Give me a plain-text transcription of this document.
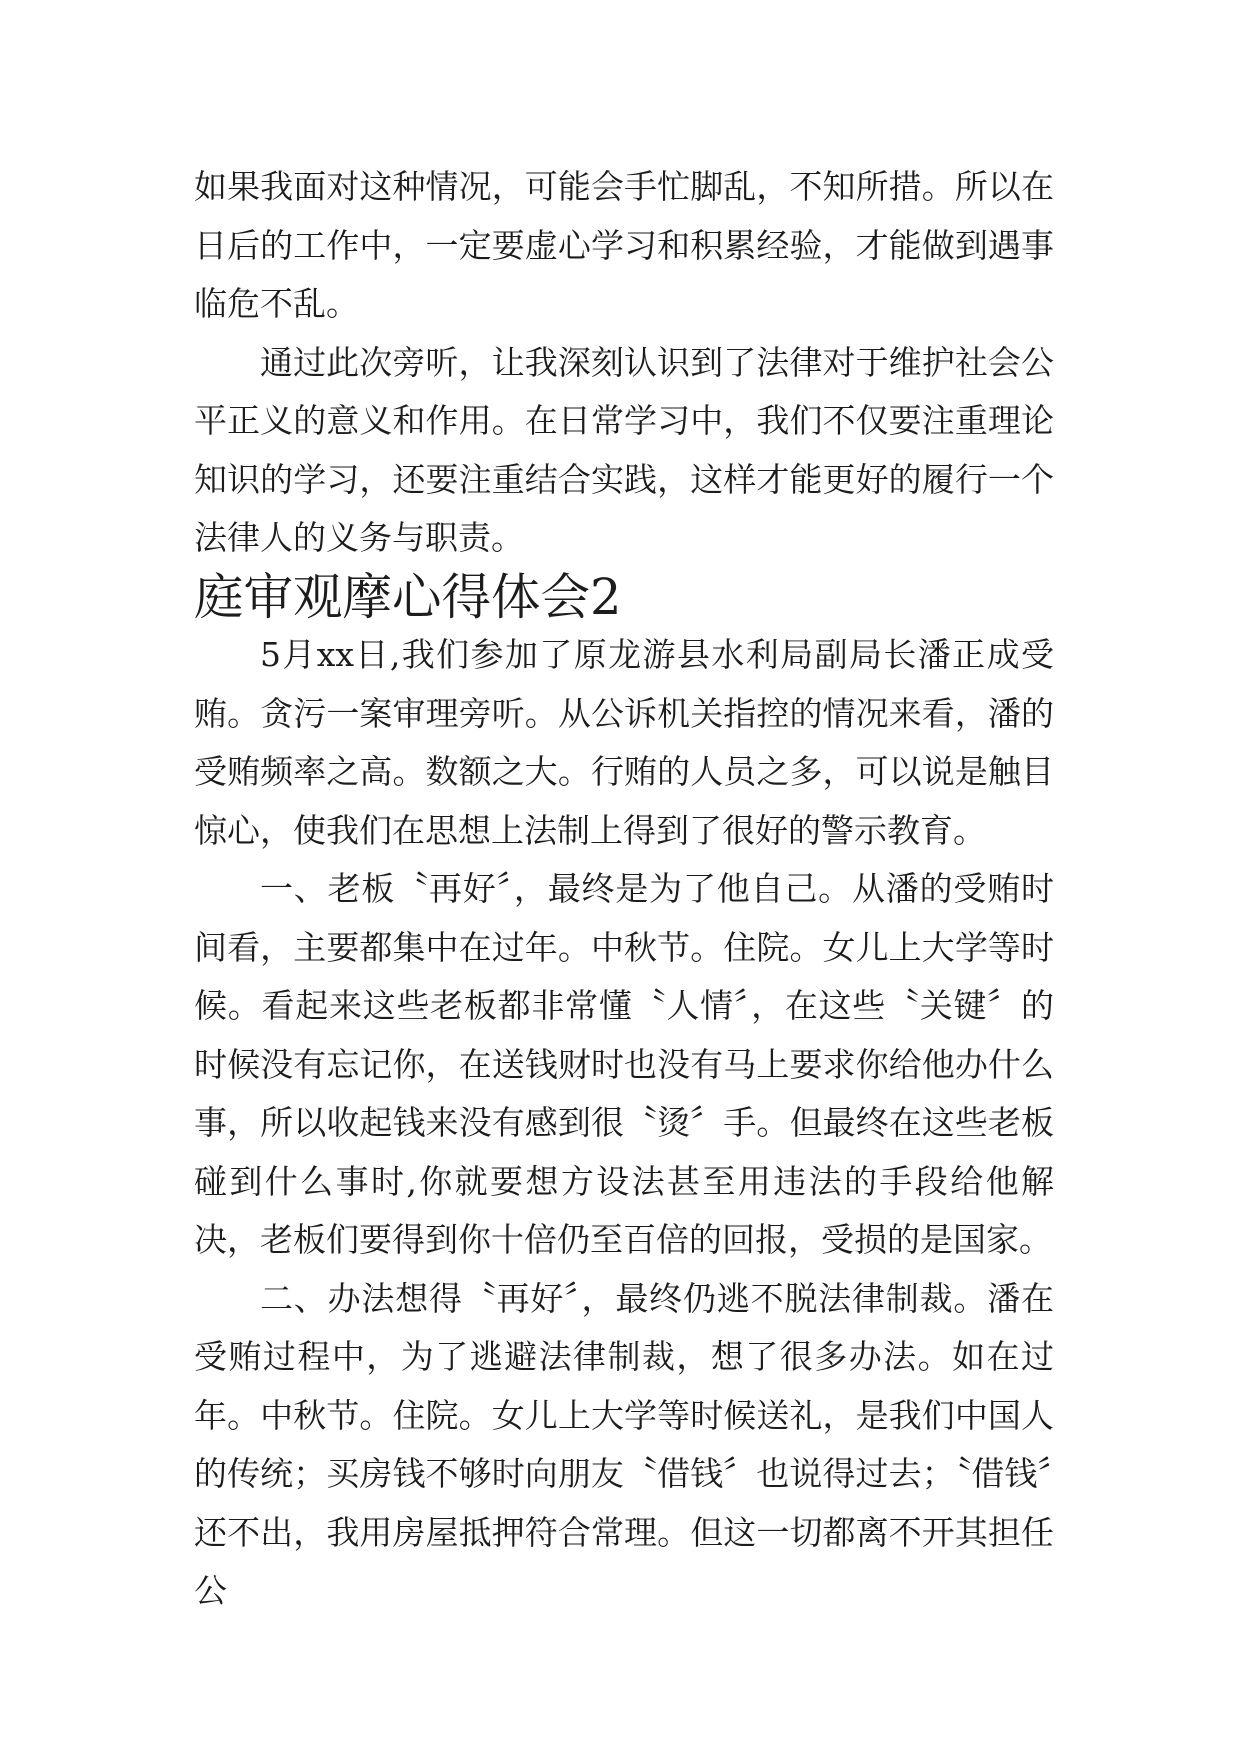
如果我面对这种情况，可能会手忙脚乱，不知所措。所以在日后的工作中，一定要虚心学习和积累经验，才能做到遇事临危不乱。

通过此次旁听，让我深刻认识到了法律对于维护社会公平正义的意义和作用。在日常学习中，我们不仅要注重理论知识的学习，还要注重结合实践，这样才能更好的履行一个法律人的义务与职责。

庭审观摩心得体会2

5月xx日,我们参加了原龙游县水利局副局长潘正成受贿。贪污一案审理旁听。从公诉机关指控的情况来看，潘的受贿频率之高。数额之大。行贿的人员之多，可以说是触目惊心，使我们在思想上法制上得到了很好的警示教育。

一、老板〝再好〞，最终是为了他自己。从潘的受贿时间看，主要都集中在过年。中秋节。住院。女儿上大学等时候。看起来这些老板都非常懂〝人情〞，在这些〝关键〞的时候没有忘记你，在送钱财时也没有马上要求你给他办什么事，所以收起钱来没有感到很〝烫〞手。但最终在这些老板碰到什么事时,你就要想方设法甚至用违法的手段给他解决，老板们要得到你十倍仍至百倍的回报，受损的是国家。

二、办法想得〝再好〞，最终仍逃不脱法律制裁。潘在受贿过程中，为了逃避法律制裁，想了很多办法。如在过年。中秋节。住院。女儿上大学等时候送礼，是我们中国人的传统；买房钱不够时向朋友〝借钱〞也说得过去；〝借钱〞还不出，我用房屋抵押符合常理。但这一切都离不开其担任公
